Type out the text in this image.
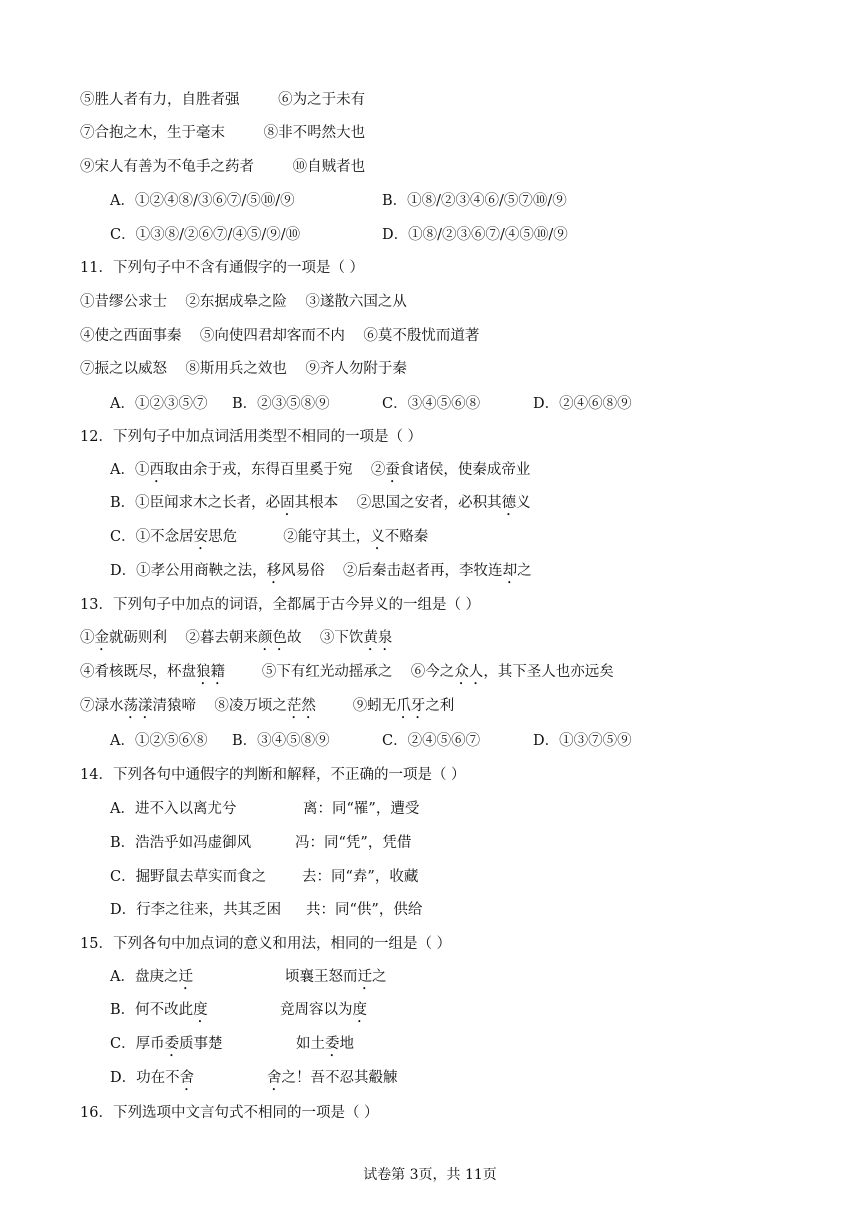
⑤胜人者有力，自胜者强	⑥为之于未有
⑦合抱之木，生于毫末	⑧非不呺然大也
⑨宋人有善为不龟手之药者	⑩自贼者也
A．①②④⑧/③⑥⑦/⑤⑩/⑨	B．①⑧/②③④⑥/⑤⑦⑩/⑨
C．①③⑧/②⑥⑦/④⑤/⑨/⑩	D．①⑧/②③⑥⑦/④⑤⑩/⑨
11．下列句子中不含有通假字的一项是（ ）
①昔缪公求士    ②东据成皋之险    ③遂散六国之从
④使之西面事秦    ⑤向使四君却客而不内    ⑥莫不殷忧而道著
⑦振之以威怒    ⑧斯用兵之效也    ⑨齐人勿附于秦
A．①②③⑤⑦ B．②③⑤⑧⑨	C．③④⑤⑥⑧	D．②④⑥⑧⑨
12．下列句子中加点词活用类型不相同的一项是（ ）
A．①西取由余于戎，东得百里奚于宛    ②蚕食诸侯，使秦成帝业
B．①臣闻求木之长者，必固其根本    ②思国之安者，必积其德义
C．①不念居安思危          ②能守其土，义不赂秦
D．①孝公用商鞅之法，移风易俗    ②后秦击赵者再，李牧连却之
13．下列句子中加点的词语，全都属于古今异义的一组是（ ）
①金就砺则利    ②暮去朝来颜色故    ③下饮黄泉
④肴核既尽，杯盘狼籍        ⑤下有红光动摇承之    ⑥今之众人，其下圣人也亦远矣
⑦渌水荡漾清猿啼    ⑧凌万顷之茫然        ⑨蚓无爪牙之利
A．①②⑤⑥⑧ B．③④⑤⑧⑨	C．②④⑤⑥⑦	D．①③⑦⑤⑨
14．下列各句中通假字的判断和解释，不正确的一项是（ ）
A．进不入以离尤兮	离：同“罹”，遭受
B．浩浩乎如冯虚御风	冯：同“凭”，凭借
C．掘野鼠去草实而食之 去：同“弆”，收藏
D．行李之往来，共其乏困 共：同“供”，供给
15．下列各句中加点词的意义和用法，相同的一组是（ ）
A．盘庚之迁	顷襄王怒而迁之
B．何不改此度	竞周容以为度
C．厚币委质事楚	如土委地
D．功在不舍	舍之！吾不忍其觳觫
16．下列选项中文言句式不相同的一项是（ ）
试卷第 3页，共 11页
